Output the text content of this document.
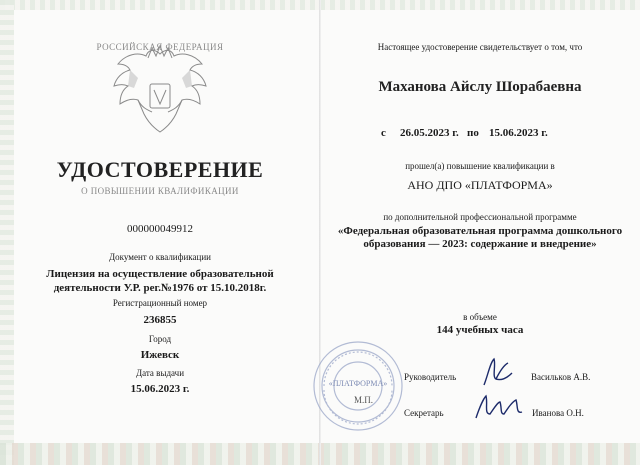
РОССИЙСКАЯ ФЕДЕРАЦИЯ
УДОСТОВЕРЕНИЕ
О ПОВЫШЕНИИ КВАЛИФИКАЦИИ
000000049912
Документ о квалификации
Лицензия на осуществление образовательной
деятельности У.Р. рег.№1976 от 15.10.2018г.
Регистрационный номер
236855
Город
Ижевск
Дата выдачи
15.06.2023 г.
Настоящее удостоверение свидетельствует о том, что
Маханова Айслу Шорабаевна
с 26.05.2023 г. по 15.06.2023 г.
прошел(а) повышение квалификации в
АНО ДПО «ПЛАТФОРМА»
по дополнительной профессиональной программе
«Федеральная образовательная программа дошкольного
образования — 2023: содержание и внедрение»
в объеме
144 учебных часа
«ПЛАТФОРМА»
М.П.
Руководитель	Васильков А.В.
Секретарь	Иванова О.Н.
